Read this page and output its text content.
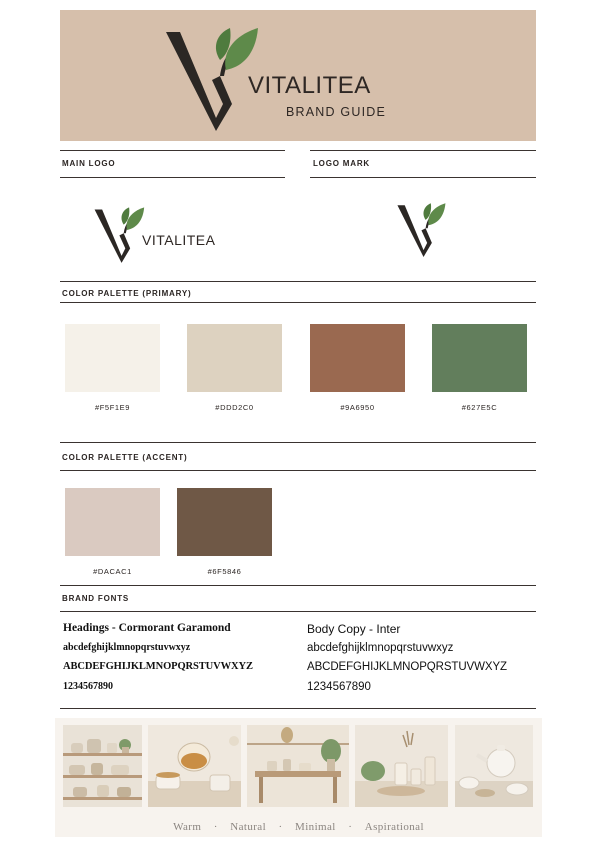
VITALITEA
BRAND GUIDE
MAIN LOGO	LOGO MARK
VITALITEA
COLOR PALETTE (PRIMARY)
#F5F1E9	#DDD2C0	#9A6950	#627E5C
COLOR PALETTE (ACCENT)
#DACAC1	#6F5846
BRAND FONTS
Headings - Cormorant Garamond
abcdefghijklmnopqrstuvwxyz
ABCDEFGHIJKLMNOPQRSTUVWXYZ
1234567890
Body Copy - Inter
abcdefghijklmnopqrstuvwxyz
ABCDEFGHIJKLMNOPQRSTUVWXYZ
1234567890
Warm · Natural · Minimal · Aspirational
